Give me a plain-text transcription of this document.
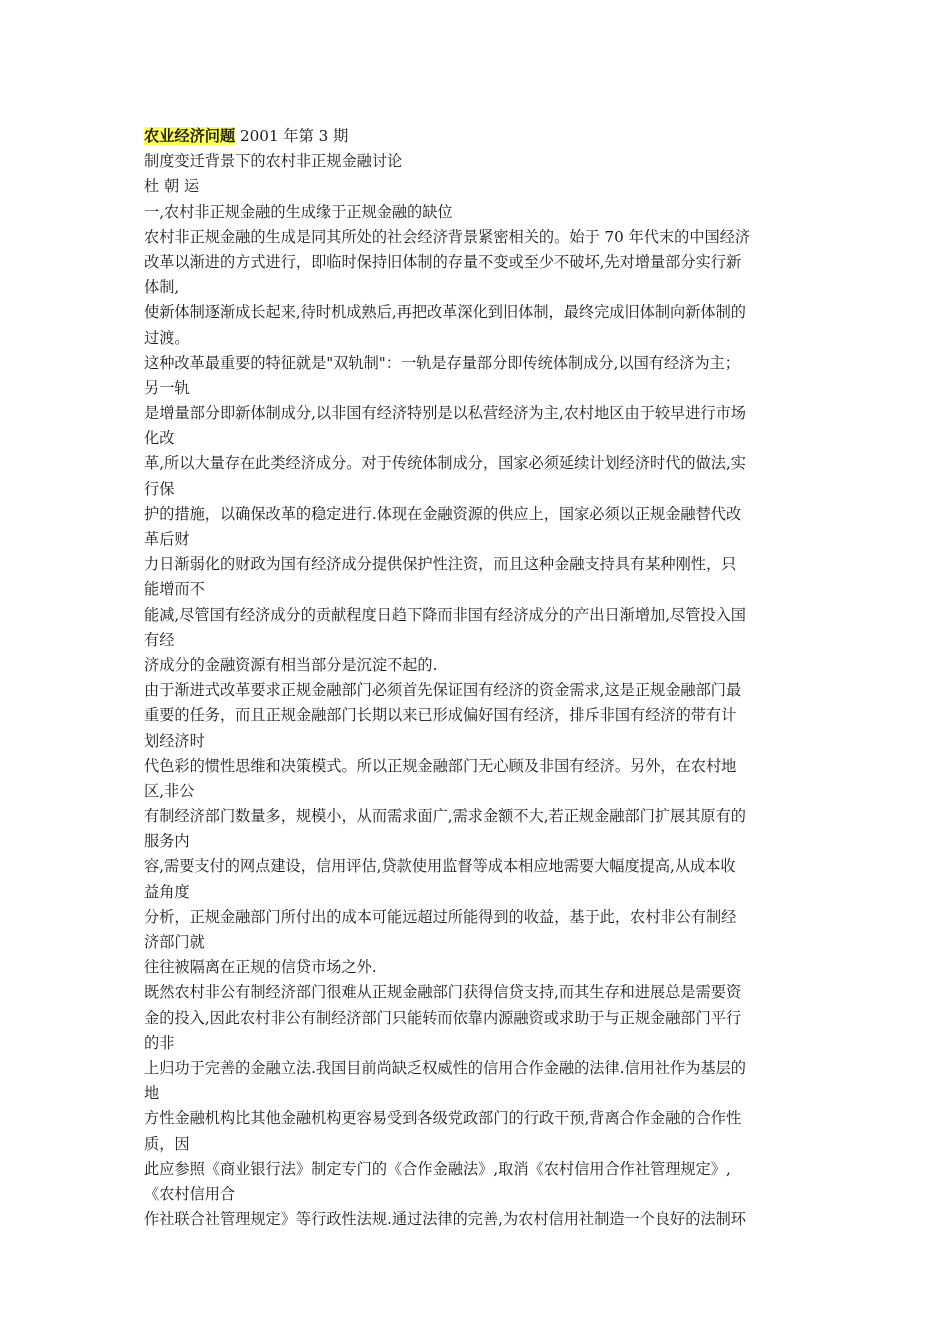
农业经济问题 2001 年第 3 期
制度变迁背景下的农村非正规金融讨论
杜 朝 运
一,农村非正规金融的生成缘于正规金融的缺位
农村非正规金融的生成是同其所处的社会经济背景紧密相关的。始于 70 年代末的中国经济
改革以渐进的方式进行，即临时保持旧体制的存量不变或至少不破坏,先对增量部分实行新
体制,
使新体制逐渐成长起来,待时机成熟后,再把改革深化到旧体制，最终完成旧体制向新体制的
过渡。
这种改革最重要的特征就是"双轨制"：一轨是存量部分即传统体制成分,以国有经济为主；
另一轨
是增量部分即新体制成分,以非国有经济特别是以私营经济为主,农村地区由于较早进行市场
化改
革,所以大量存在此类经济成分。对于传统体制成分，国家必须延续计划经济时代的做法,实
行保
护的措施，以确保改革的稳定进行.体现在金融资源的供应上，国家必须以正规金融替代改
革后财
力日渐弱化的财政为国有经济成分提供保护性注资，而且这种金融支持具有某种刚性，只
能增而不
能减,尽管国有经济成分的贡献程度日趋下降而非国有经济成分的产出日渐增加,尽管投入国
有经
济成分的金融资源有相当部分是沉淀不起的.
由于渐进式改革要求正规金融部门必须首先保证国有经济的资金需求,这是正规金融部门最
重要的任务，而且正规金融部门长期以来已形成偏好国有经济，排斥非国有经济的带有计
划经济时
代色彩的惯性思维和决策模式。所以正规金融部门无心顾及非国有经济。另外，在农村地
区,非公
有制经济部门数量多，规模小，从而需求面广,需求金额不大,若正规金融部门扩展其原有的
服务内
容,需要支付的网点建设，信用评估,贷款使用监督等成本相应地需要大幅度提高,从成本收
益角度
分析，正规金融部门所付出的成本可能远超过所能得到的收益，基于此，农村非公有制经
济部门就
往往被隔离在正规的信贷市场之外.
既然农村非公有制经济部门很难从正规金融部门获得信贷支持,而其生存和进展总是需要资
金的投入,因此农村非公有制经济部门只能转而依靠内源融资或求助于与正规金融部门平行
的非
上归功于完善的金融立法.我国目前尚缺乏权威性的信用合作金融的法律.信用社作为基层的
地
方性金融机构比其他金融机构更容易受到各级党政部门的行政干预,背离合作金融的合作性
质，因
此应参照《商业银行法》制定专门的《合作金融法》,取消《农村信用合作社管理规定》,
《农村信用合
作社联合社管理规定》等行政性法规.通过法律的完善,为农村信用社制造一个良好的法制环
